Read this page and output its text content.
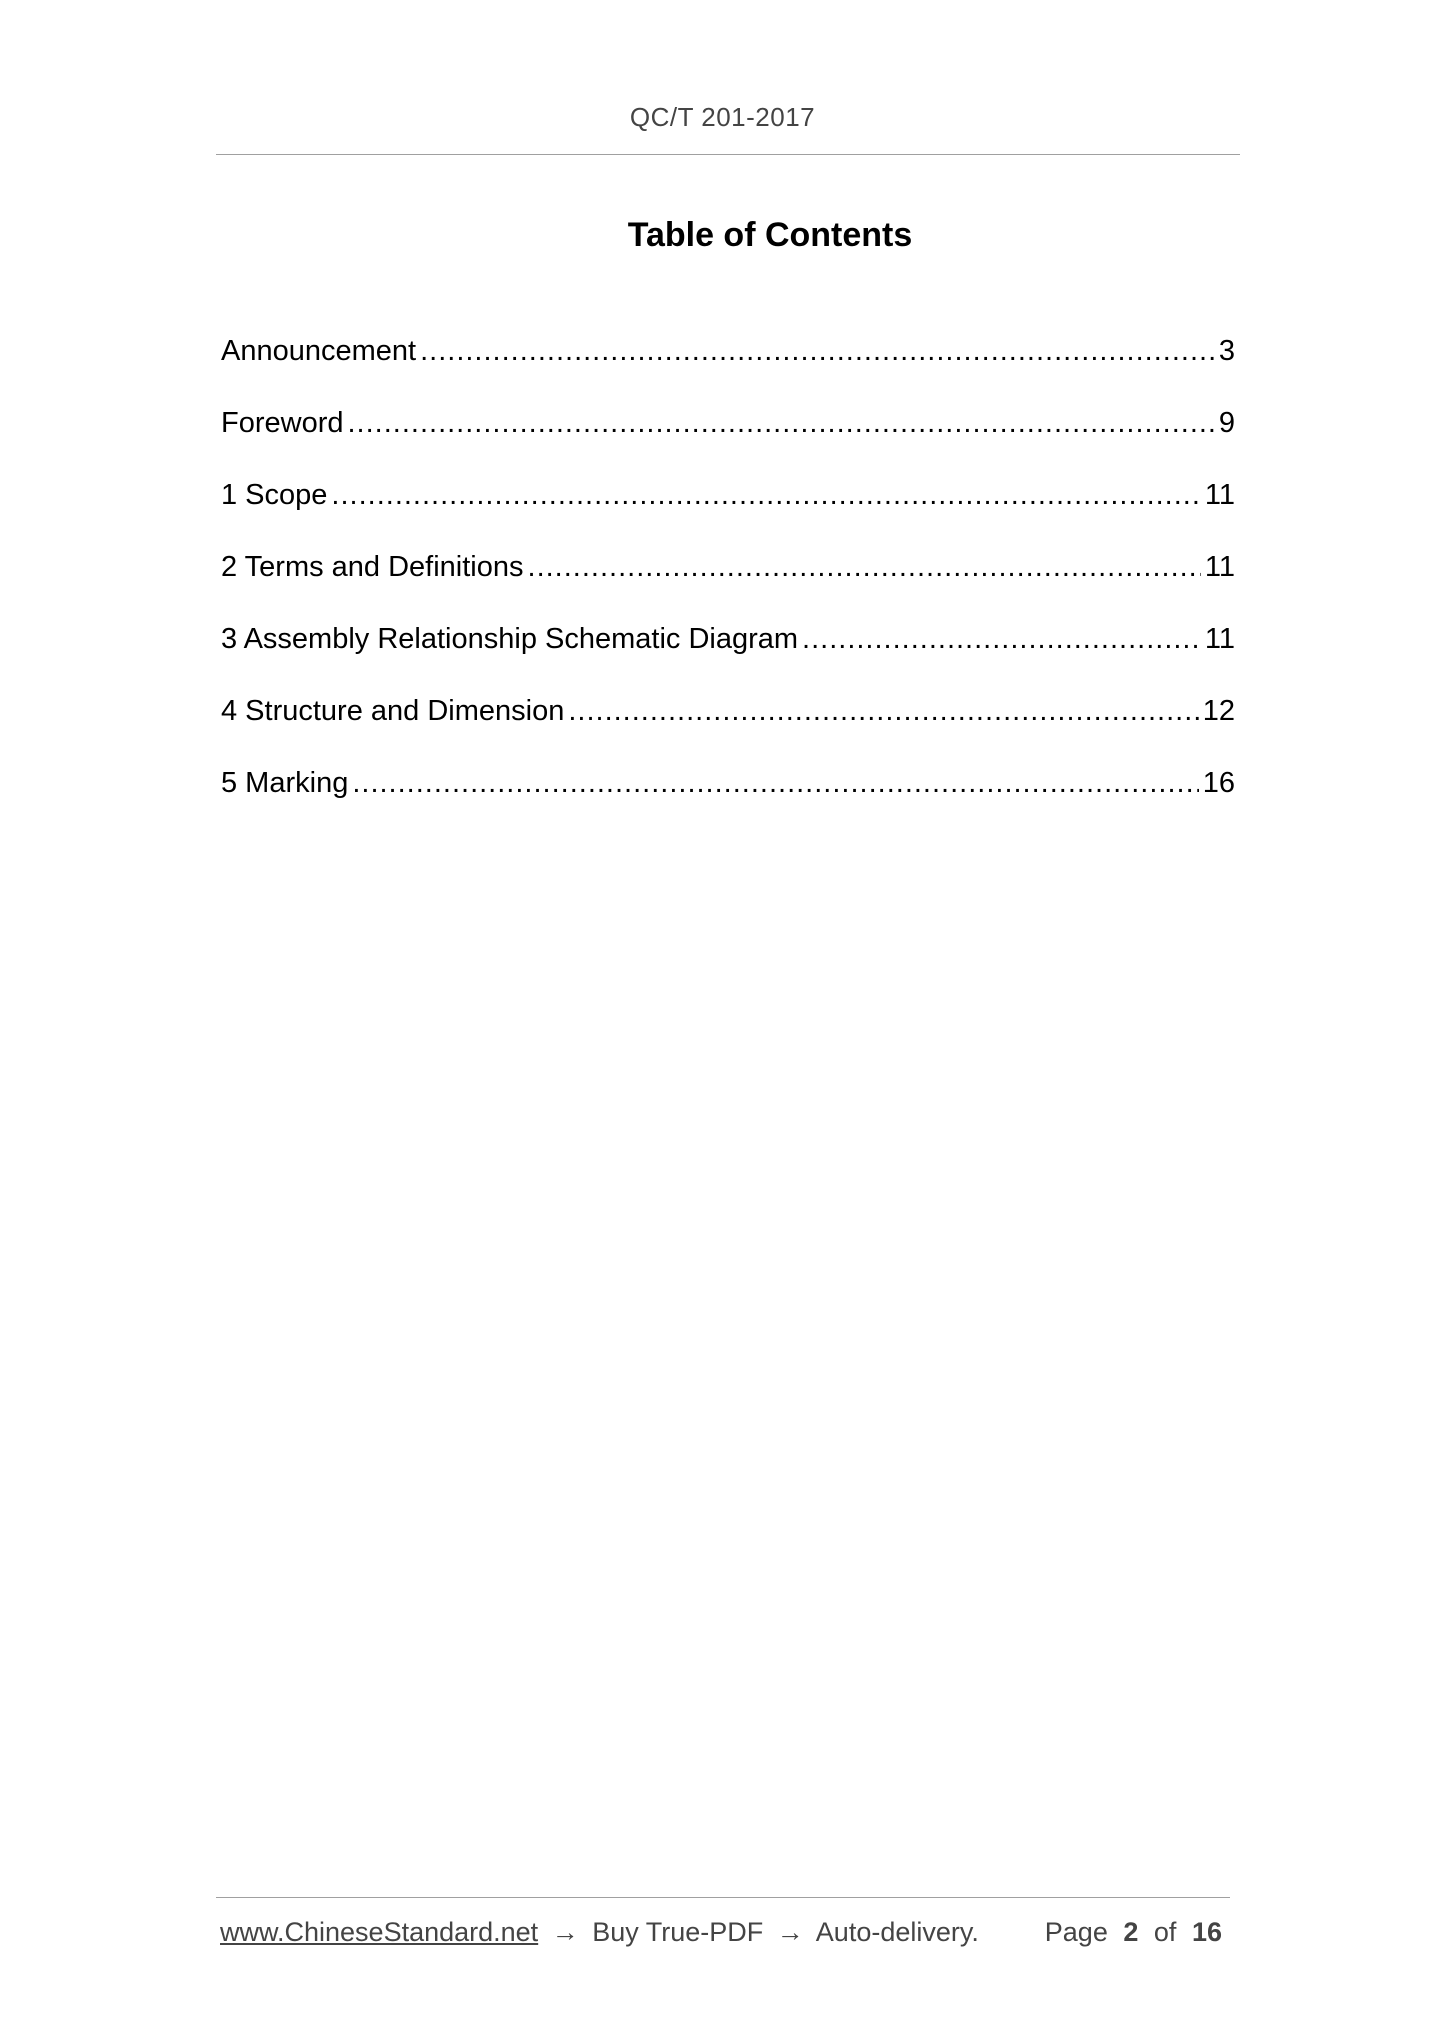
QC/T 201-2017
Table of Contents
Announcement .....	3
Foreword .....	9
1 Scope .....	11
2 Terms and Definitions .....	11
3 Assembly Relationship Schematic Diagram .....	11
4 Structure and Dimension .....	12
5 Marking .....	16
www.ChineseStandard.net → Buy True-PDF → Auto-delivery. Page 2 of 16
